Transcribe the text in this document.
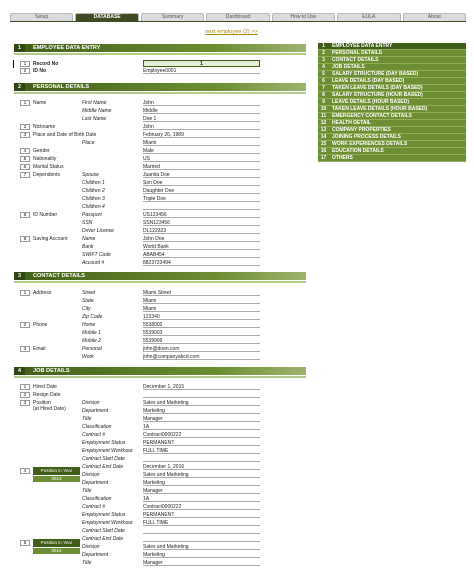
Setup	DATABASE	Summary	Dashboard	How to Use	EULA	About
next employee (2) >>
1	EMPLOYEE DATA ENTRY
1	Record No	1
2	ID No	Employee0001
2	PERSONAL DETAILS
1	Name	First Name	John
Middle Name	Middle
Last Name	Doe 1
2	Nickname	John
3	Place and Date of Birth Date	February 26, 1989
Place	Miami
4	Gender	Male
5	Nationality	US
6	Marital Status	Married
7	Dependents	Spouse	Juanita Doe
Children 1	Son Doe
Children 2	Daughter Doe
Children 3	Triple Doe
Children 4
8	ID Number	Passport	US123456
SSN	SSN123456
Driver License	DL122323
9	Saving Account	Name	John Doe
Bank	World Bank
SWIFT Code	ABAB454
Account #	8823723494
3	CONTACT DETAILS
1	Address	Street	Miami Street
State	Miami
City	Miami
Zip Code	123340
2	Phone	Home	5538002
Mobile 1	5539003
Mobile 2	5539999
3	Email	Personal	john@doen.com
Work	john@companyabcd.com
4	JOB DETAILS
1	Hired Date	December 1, 2015
2	Resign Date
3	Position
(at Hired Date)
Division	Sales and Marketing
Department	Marketing
Title	Manager
Classification	1A
Contract #	Contract0000222
Employment Status	PERMANENT
Employment Workhour FULL TIME
Contract Start Date
Contract End Date	December 1, 2016
4	Position in Year
2013
Division	Sales and Marketing
Department	Marketing
Title	Manager
Classification	1A
Contract #	Contract0000222
Employment Status	PERMANENT
Employment Workhour FULL TIME
Contract Start Date
Contract End Date
5	Position in Year
2014
Division	Sales and Marketing
Department	Marketing
Title	Manager
1	EMPLOYEE DATA ENTRY
2	PERSONAL DETAILS
3	CONTACT DETAILS
4	JOB DETAILS
5	SALARY STRUCTURE (DAY BASED)
6	LEAVE DETAILS (DAY BASED)
7	TAKEN LEAVE DETAILS (DAY BASED)
8	SALARY STRUCTURE (HOUR BASED)
9	LEAVE DETAILS (HOUR BASED)
10	TAKEN LEAVE DETAILS (HOUR BASED)
11	EMERGENCY CONTACT DETAILS
12	HEALTH DETAIL
13	COMPANY PROPERTIES
14	JOINING PROCESS DETAILS
15	WORK EXPERIENCES DETAILS
16	EDUCATION DETAILS
17	OTHERS
